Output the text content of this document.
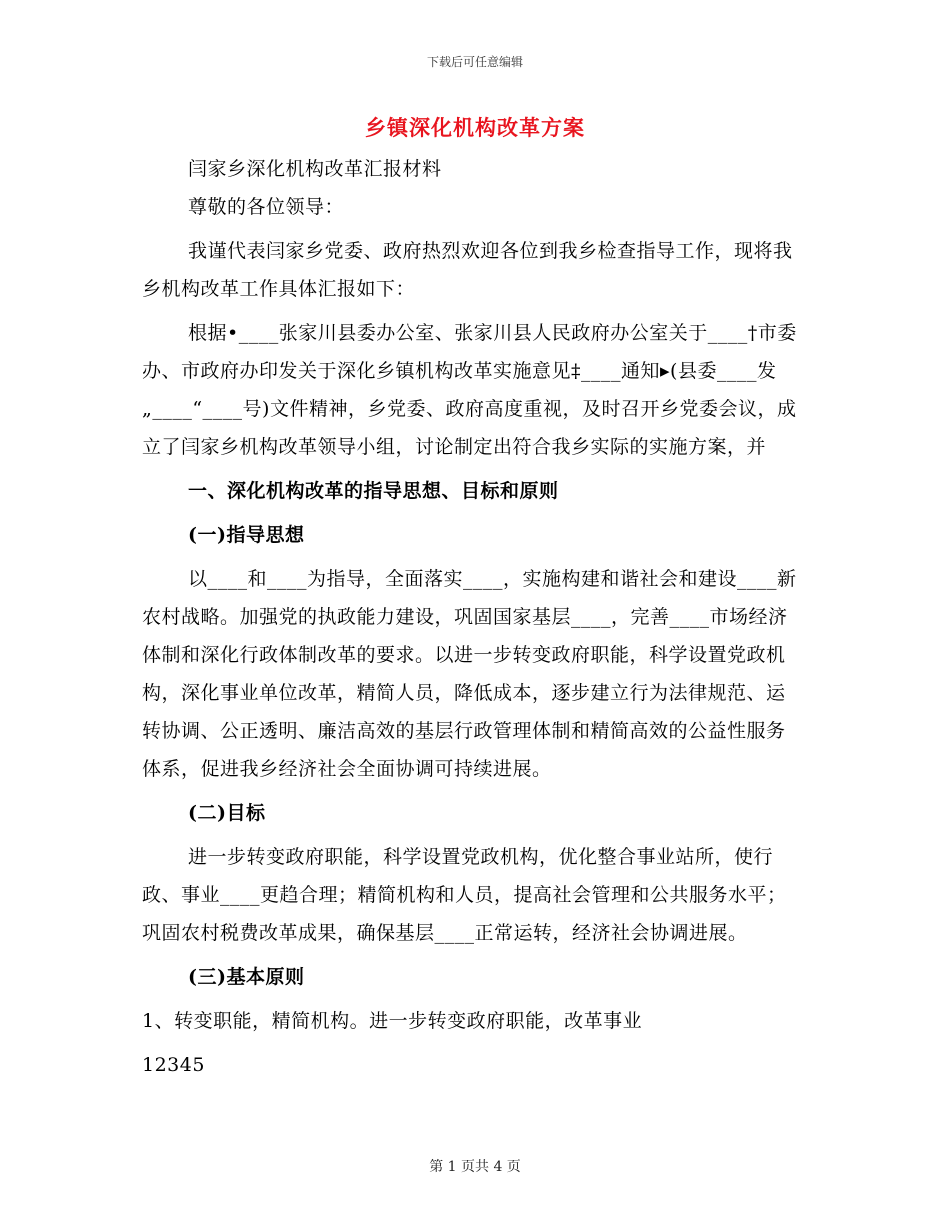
下载后可任意编辑
乡镇深化机构改革方案

闫家乡深化机构改革汇报材料

尊敬的各位领导：

我谨代表闫家乡党委、政府热烈欢迎各位到我乡检查指导工作，现将我乡机构改革工作具体汇报如下：

根据•____张家川县委办公室、张家川县人民政府办公室关于____†市委办、市政府办印发关于深化乡镇机构改革实施意见‡____通知▸(县委____发„____“____号)文件精神，乡党委、政府高度重视，及时召开乡党委会议，成立了闫家乡机构改革领导小组，讨论制定出符合我乡实际的实施方案，并

一、深化机构改革的指导思想、目标和原则

(一)指导思想

以____和____为指导，全面落实____，实施构建和谐社会和建设____新农村战略。加强党的执政能力建设，巩固国家基层____，完善____市场经济体制和深化行政体制改革的要求。以进一步转变政府职能，科学设置党政机构，深化事业单位改革，精简人员，降低成本，逐步建立行为法律规范、运转协调、公正透明、廉洁高效的基层行政管理体制和精简高效的公益性服务体系，促进我乡经济社会全面协调可持续进展。

(二)目标

进一步转变政府职能，科学设置党政机构，优化整合事业站所，使行政、事业____更趋合理；精简机构和人员，提高社会管理和公共服务水平；巩固农村税费改革成果，确保基层____正常运转，经济社会协调进展。

(三)基本原则

1、转变职能，精简机构。进一步转变政府职能，改革事业

12345

第 1 页共 4 页
